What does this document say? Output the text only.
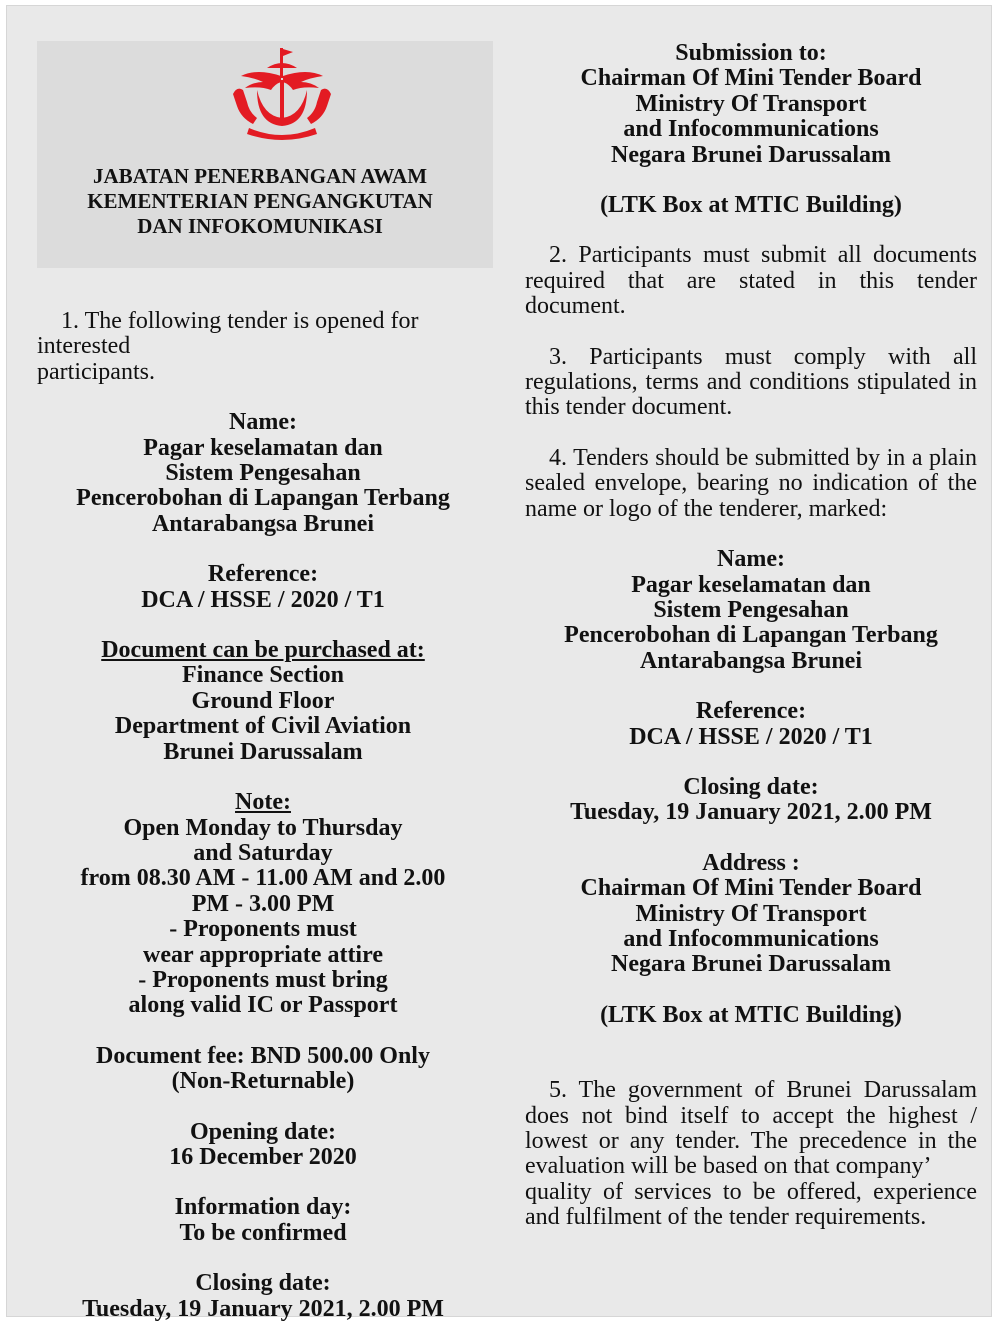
JABATAN PENERBANGAN AWAM
KEMENTERIAN PENGANGKUTAN
DAN INFOKOMUNIKASI
1. The following tender is opened for
interested
participants.
Name:
Pagar keselamatan dan
Sistem Pengesahan
Pencerobohan di Lapangan Terbang
Antarabangsa Brunei
Reference:
DCA / HSSE / 2020 / T1
Document can be purchased at:
Finance Section
Ground Floor
Department of Civil Aviation
Brunei Darussalam
Note:
Open Monday to Thursday
and Saturday
from 08.30 AM - 11.00 AM and 2.00
PM - 3.00 PM
- Proponents must
wear appropriate attire
- Proponents must bring
along valid IC or Passport
Document fee: BND 500.00 Only
(Non-Returnable)
Opening date:
16 December 2020
Information day:
To be confirmed
Closing date:
Tuesday, 19 January 2021, 2.00 PM
Submission to:
Chairman Of Mini Tender Board
Ministry Of Transport
and Infocommunications
Negara Brunei Darussalam
(LTK Box at MTIC Building)
2. Participants must submit all documents required that are stated in this tender document.
3. Participants must comply with all regulations, terms and conditions stipulated in this tender document.
4. Tenders should be submitted by in a plain sealed envelope, bearing no indication of the name or logo of the tenderer, marked:
Name:
Pagar keselamatan dan
Sistem Pengesahan
Pencerobohan di Lapangan Terbang
Antarabangsa Brunei
Reference:
DCA / HSSE / 2020 / T1
Closing date:
Tuesday, 19 January 2021, 2.00 PM
Address :
Chairman Of Mini Tender Board
Ministry Of Transport
and Infocommunications
Negara Brunei Darussalam
(LTK Box at MTIC Building)
5. The government of Brunei Darussalam does not bind itself to accept the highest / lowest or any tender. The precedence in the evaluation will be based on that company’
quality of services to be offered, experience and fulfilment of the tender requirements.
